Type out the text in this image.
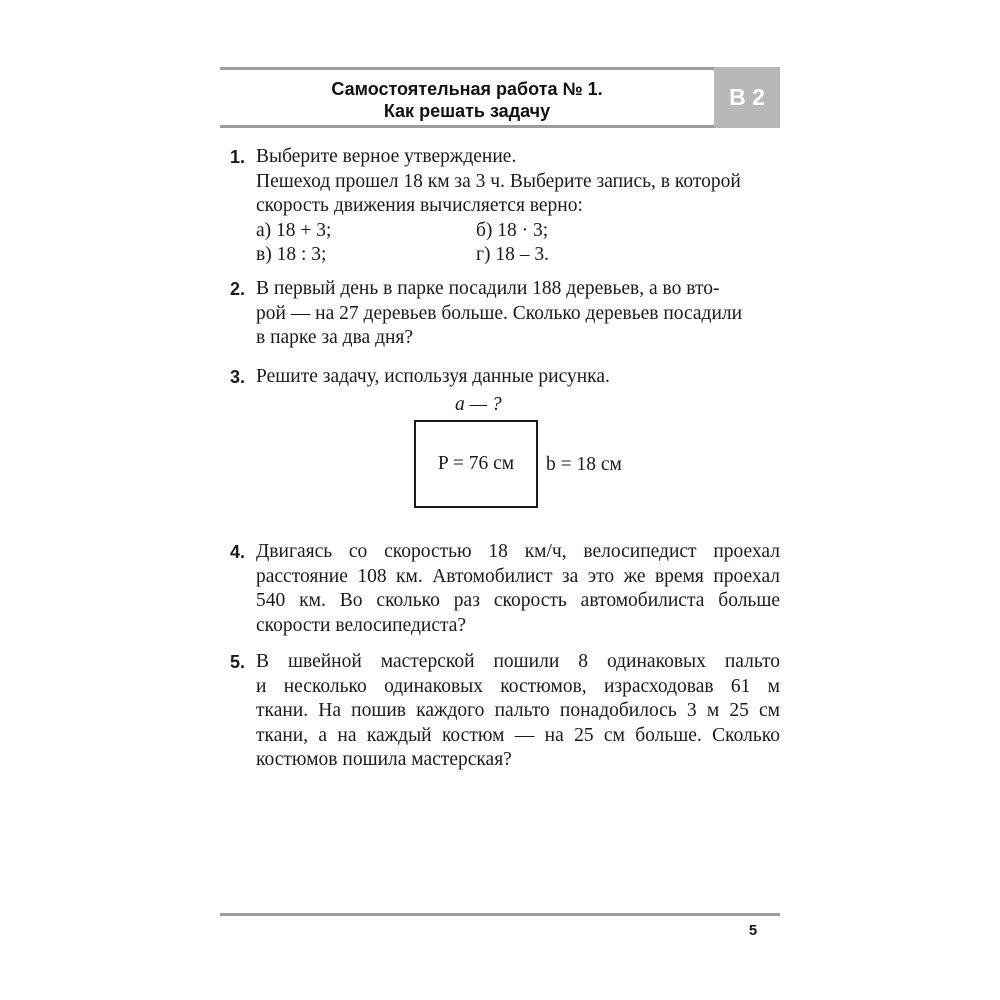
Самостоятельная работа № 1.
Как решать задачу
В 2
1. Выберите верное утверждение.
Пешеход прошел 18 км за 3 ч. Выберите запись, в которой
скорость движения вычисляется верно:
а) 18 + 3;	б) 18 · 3;
в) 18 : 3;	г) 18 – 3.
2. В первый день в парке посадили 188 деревьев, а во вто-
рой — на 27 деревьев больше. Сколько деревьев посадили
в парке за два дня?
3. Решите задачу, используя данные рисунка.
a — ?
P = 76 см	b = 18 см
4. Двигаясь со скоростью 18 км/ч, велосипедист проехал
расстояние 108 км. Автомобилист за это же время проехал
540 км. Во сколько раз скорость автомобилиста больше
скорости велосипедиста?
5. В швейной мастерской пошили 8 одинаковых пальто
и несколько одинаковых костюмов, израсходовав 61 м
ткани. На пошив каждого пальто понадобилось 3 м 25 см
ткани, а на каждый костюм — на 25 см больше. Сколько
костюмов пошила мастерская?
5
